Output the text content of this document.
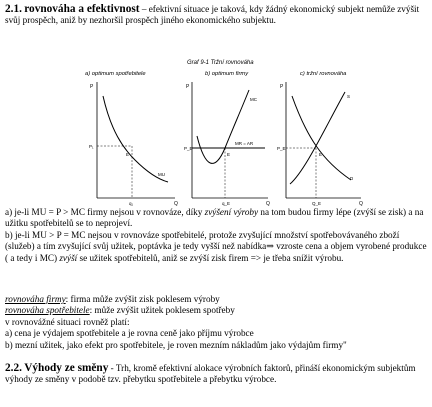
2.1. rovnováha a efektivnost – efektivní situace je taková, kdy žádný ekonomický subjekt nemůže zvýšit svůj prospěch, aniž by nezhoršil prospěch jiného ekonomického subjektu.

Graf 9-1 Tržní rovnováha
a) optimum spotřebitele
P
Q
P₁
E
MU
q₁
b) optimum firmy
P
Q
P_E
E
MC
MR = AR
q_E
c) tržní rovnováha
P
Q
P_E
E
S
D
Q_E

a) je-li MU = P > MC firmy nejsou v rovnováze, díky zvýšení výroby na tom budou firmy lépe (zvýší se zisk) a na užitku spotřebitelů se to neprojeví.
b) je-li MU > P = MC nejsou v rovnováze spotřebitelé, protože zvyšující množství spotřebovávaného zboží (služeb) a tím zvyšující svůj užitek, poptávka je tedy vyšší než nabídka⇒ vzroste cena a objem vyrobené produkce ( a tedy i MC) zvýší se užitek spotřebitelů, aniž se zvýší zisk firem => je třeba snížit výrobu.

rovnováha firmy: firma může zvýšit zisk poklesem výroby
rovnováha spotřebitele: může zvýšit užitek poklesem spotřeby
v rovnovážné situaci rovněž platí:
a) cena je výdajem spotřebitele a je rovna ceně jako příjmu výrobce
b) mezní užitek, jako efekt pro spotřebitele, je roven mezním nákladům jako výdajům firmy"

2.2. Výhody ze směny - Trh, kromě efektivní alokace výrobních faktorů, přináší ekonomickým subjektům výhody ze směny v podobě tzv. přebytku spotřebitele a přebytku výrobce.
